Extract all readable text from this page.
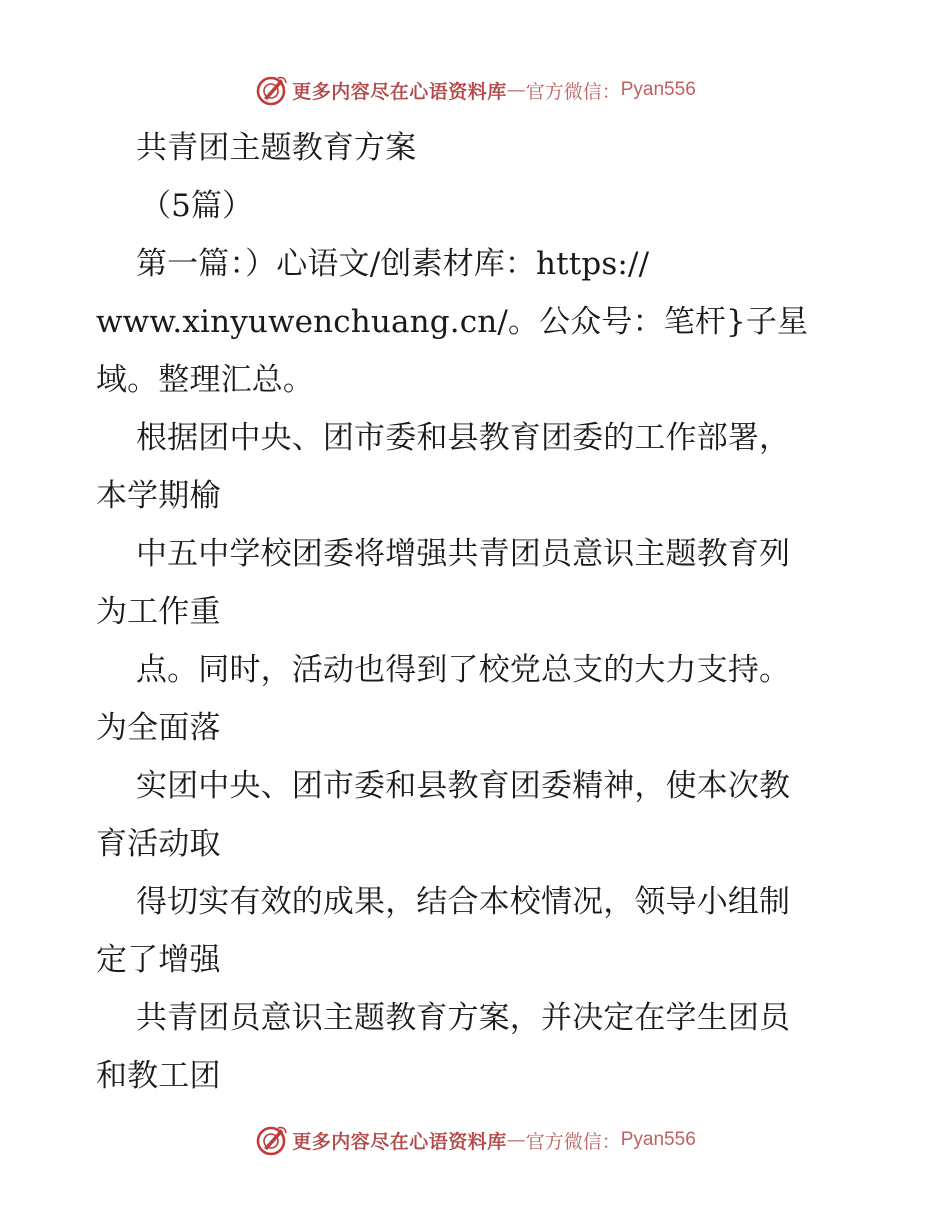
更多内容尽在心语资料库 — 官方微信： Pyan556
共青团主题教育方案
（5篇）
第一篇：）心语文/创素材库：https://
www.xinyuwenchuang.cn/。公众号：笔杆}子星
域。整理汇总。
根据团中央、团市委和县教育团委的工作部署，
本学期榆
中五中学校团委将增强共青团员意识主题教育列
为工作重
点。同时，活动也得到了校党总支的大力支持。
为全面落
实团中央、团市委和县教育团委精神，使本次教
育活动取
得切实有效的成果，结合本校情况，领导小组制
定了增强
共青团员意识主题教育方案，并决定在学生团员
和教工团
更多内容尽在心语资料库 — 官方微信： Pyan556
